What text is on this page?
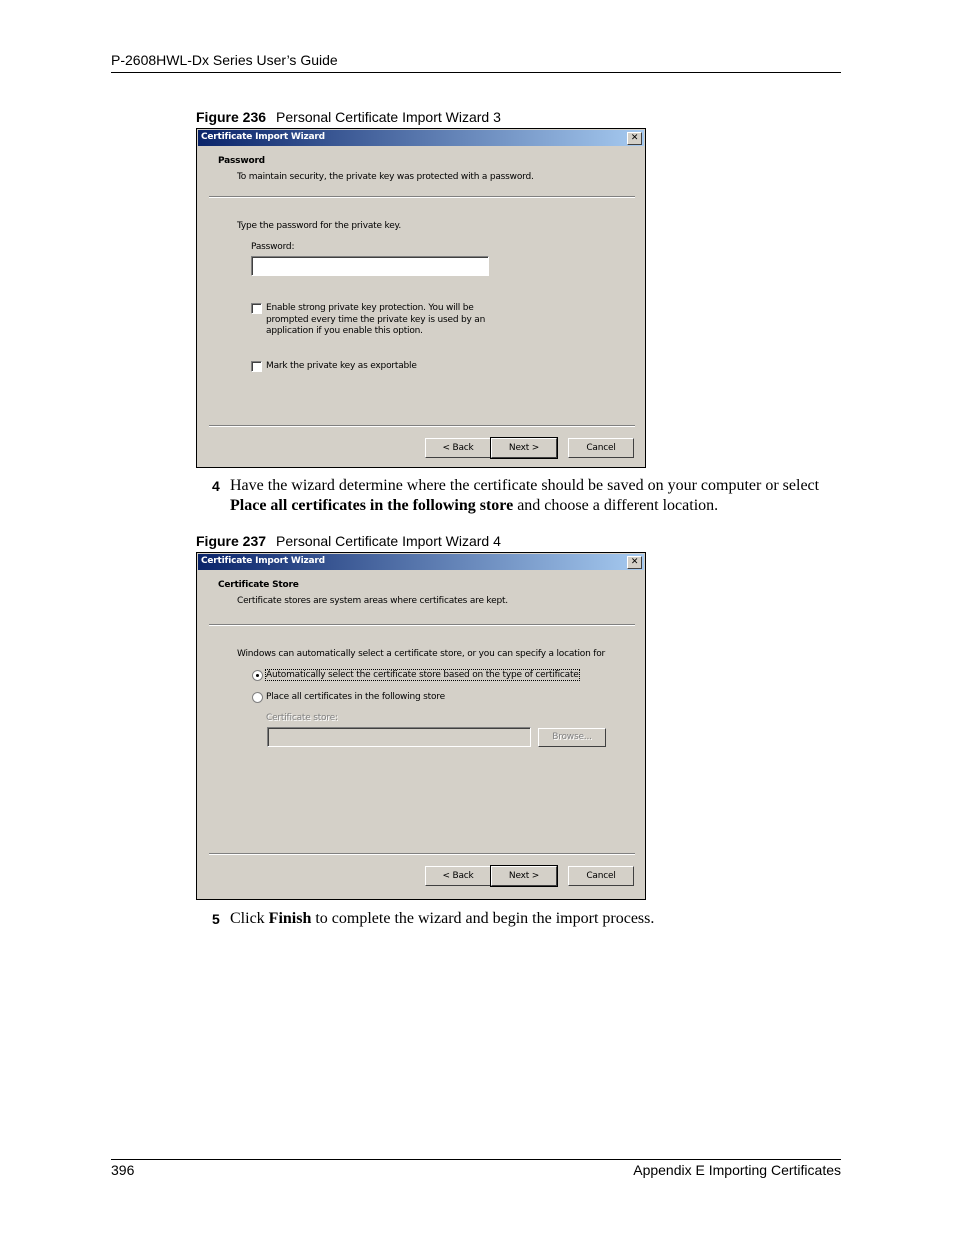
P-2608HWL-Dx Series User’s Guide
Figure 236 Personal Certificate Import Wizard 3
Certificate Import Wizard	✕
Password
To maintain security, the private key was protected with a password.
Type the password for the private key.
Password:
Enable strong private key protection. You will be
prompted every time the private key is used by an
application if you enable this option.
Mark the private key as exportable
< Back	Next >	Cancel
4 Have the wizard determine where the certificate should be saved on your computer or select Place all certificates in the following store and choose a different location.
Figure 237 Personal Certificate Import Wizard 4
Certificate Import Wizard	✕
Certificate Store
Certificate stores are system areas where certificates are kept.
Windows can automatically select a certificate store, or you can specify a location for
Automatically select the certificate store based on the type of certificate
Place all certificates in the following store
Certificate store:
Browse...
< Back	Next >	Cancel
5 Click Finish to complete the wizard and begin the import process.
396	Appendix E Importing Certificates
